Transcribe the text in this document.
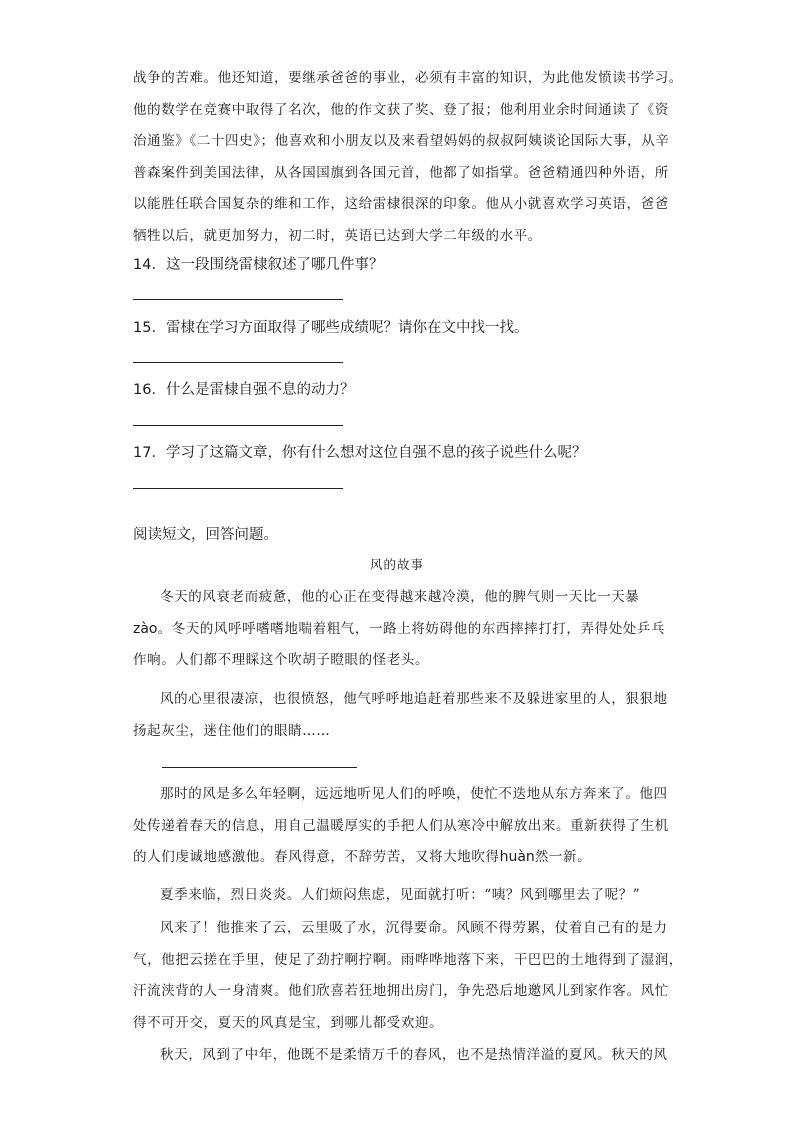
战争的苦难。他还知道，要继承爸爸的事业，必须有丰富的知识，为此他发愤读书学习。
他的数学在竞赛中取得了名次，他的作文获了奖、登了报；他利用业余时间通读了《资
治通鉴》《二十四史》；他喜欢和小朋友以及来看望妈妈的叔叔阿姨谈论国际大事，从辛
普森案件到美国法律，从各国国旗到各国元首，他都了如指掌。爸爸精通四种外语，所
以能胜任联合国复杂的维和工作，这给雷棣很深的印象。他从小就喜欢学习英语，爸爸
牺牲以后，就更加努力，初二时，英语已达到大学二年级的水平。
14．这一段围绕雷棣叙述了哪几件事？
15．雷棣在学习方面取得了哪些成绩呢？请你在文中找一找。
16．什么是雷棣自强不息的动力？
17．学习了这篇文章，你有什么想对这位自强不息的孩子说些什么呢？
阅读短文，回答问题。
风的故事
冬天的风衰老而疲惫，他的心正在变得越来越冷漠，他的脾气则一天比一天暴
zào。冬天的风呼呼嗜嗜地喘着粗气，一路上将妨碍他的东西摔摔打打，弄得处处乒乓
作响。人们都不理睬这个吹胡子瞪眼的怪老头。
风的心里很凄凉，也很愤怒，他气呼呼地追赶着那些来不及躲进家里的人，狠狠地
扬起灰尘，迷住他们的眼睛……
那时的风是多么年轻啊，远远地听见人们的呼唤，使忙不迭地从东方奔来了。他四
处传递着春天的信息，用自己温暖厚实的手把人们从寒冷中解放出来。重新获得了生机
的人们虔诚地感激他。春风得意，不辞劳苦，又将大地吹得huàn然一新。
夏季来临，烈日炎炎。人们烦闷焦虑，见面就打听：“咦？风到哪里去了呢？”
风来了！他推来了云，云里吸了水，沉得要命。风顾不得劳累，仗着自己有的是力
气，他把云搓在手里，使足了劲拧啊拧啊。雨哗哗地落下来，干巴巴的土地得到了湿润，
汗流浃背的人一身清爽。他们欣喜若狂地拥出房门，争先恐后地邀风儿到家作客。风忙
得不可开交，夏天的风真是宝，到哪儿都受欢迎。
秋天，风到了中年，他既不是柔情万千的春风，也不是热情洋溢的夏风。秋天的风
